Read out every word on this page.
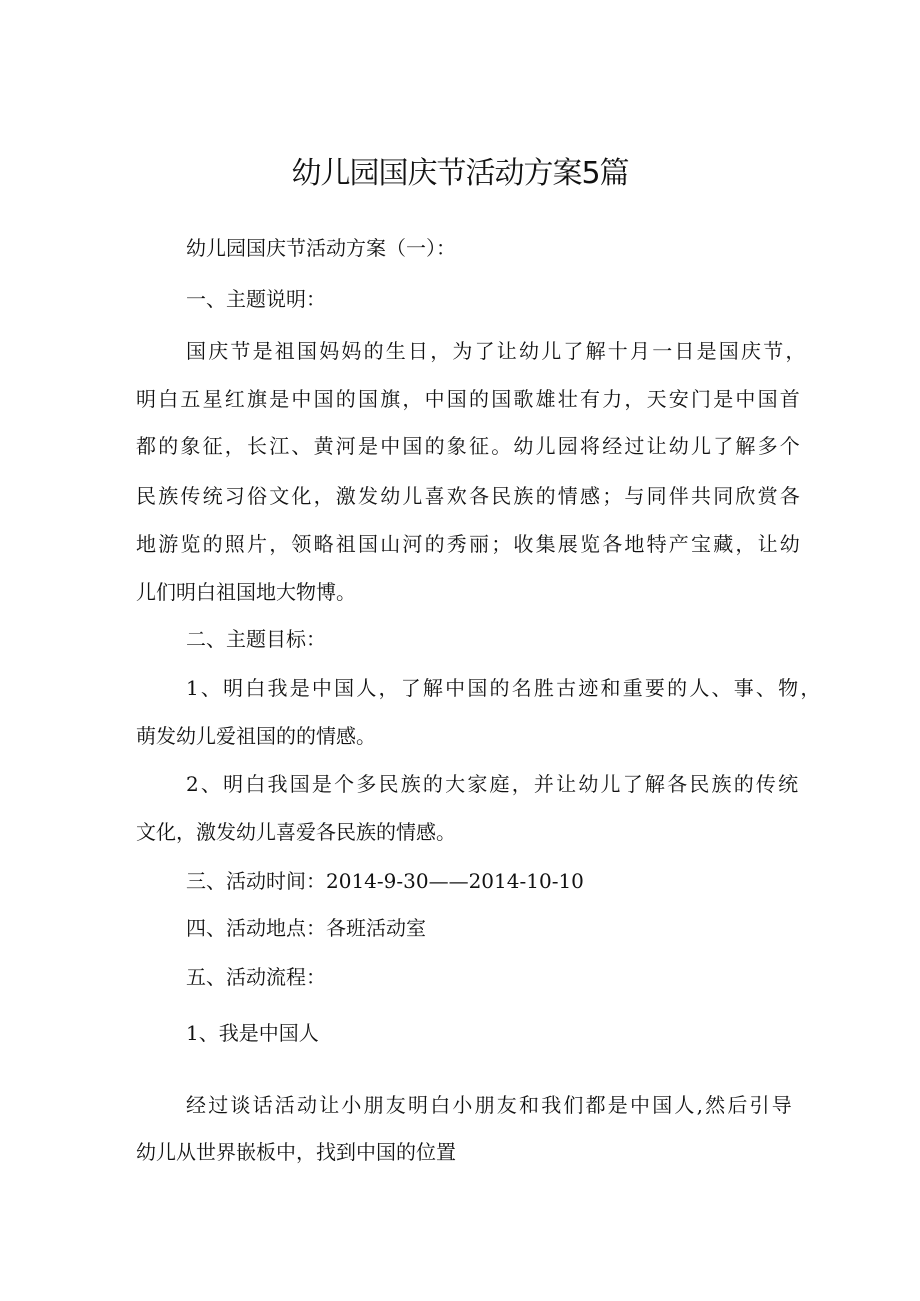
幼儿园国庆节活动方案5篇

幼儿园国庆节活动方案（一）：

一、主题说明：

国庆节是祖国妈妈的生日，为了让幼儿了解十月一日是国庆节，

明白五星红旗是中国的国旗，中国的国歌雄壮有力，天安门是中国首

都的象征，长江、黄河是中国的象征。幼儿园将经过让幼儿了解多个

民族传统习俗文化，激发幼儿喜欢各民族的情感；与同伴共同欣赏各

地游览的照片，领略祖国山河的秀丽；收集展览各地特产宝藏，让幼

儿们明白祖国地大物博。

二、主题目标：

1、明白我是中国人，了解中国的名胜古迹和重要的人、事、物，

萌发幼儿爱祖国的的情感。

2、明白我国是个多民族的大家庭，并让幼儿了解各民族的传统

文化，激发幼儿喜爱各民族的情感。

三、活动时间：2014-9-30——2014-10-10

四、活动地点：各班活动室

五、活动流程：

1、我是中国人

经过谈话活动让小朋友明白小朋友和我们都是中国人,然后引导

幼儿从世界嵌板中，找到中国的位置
